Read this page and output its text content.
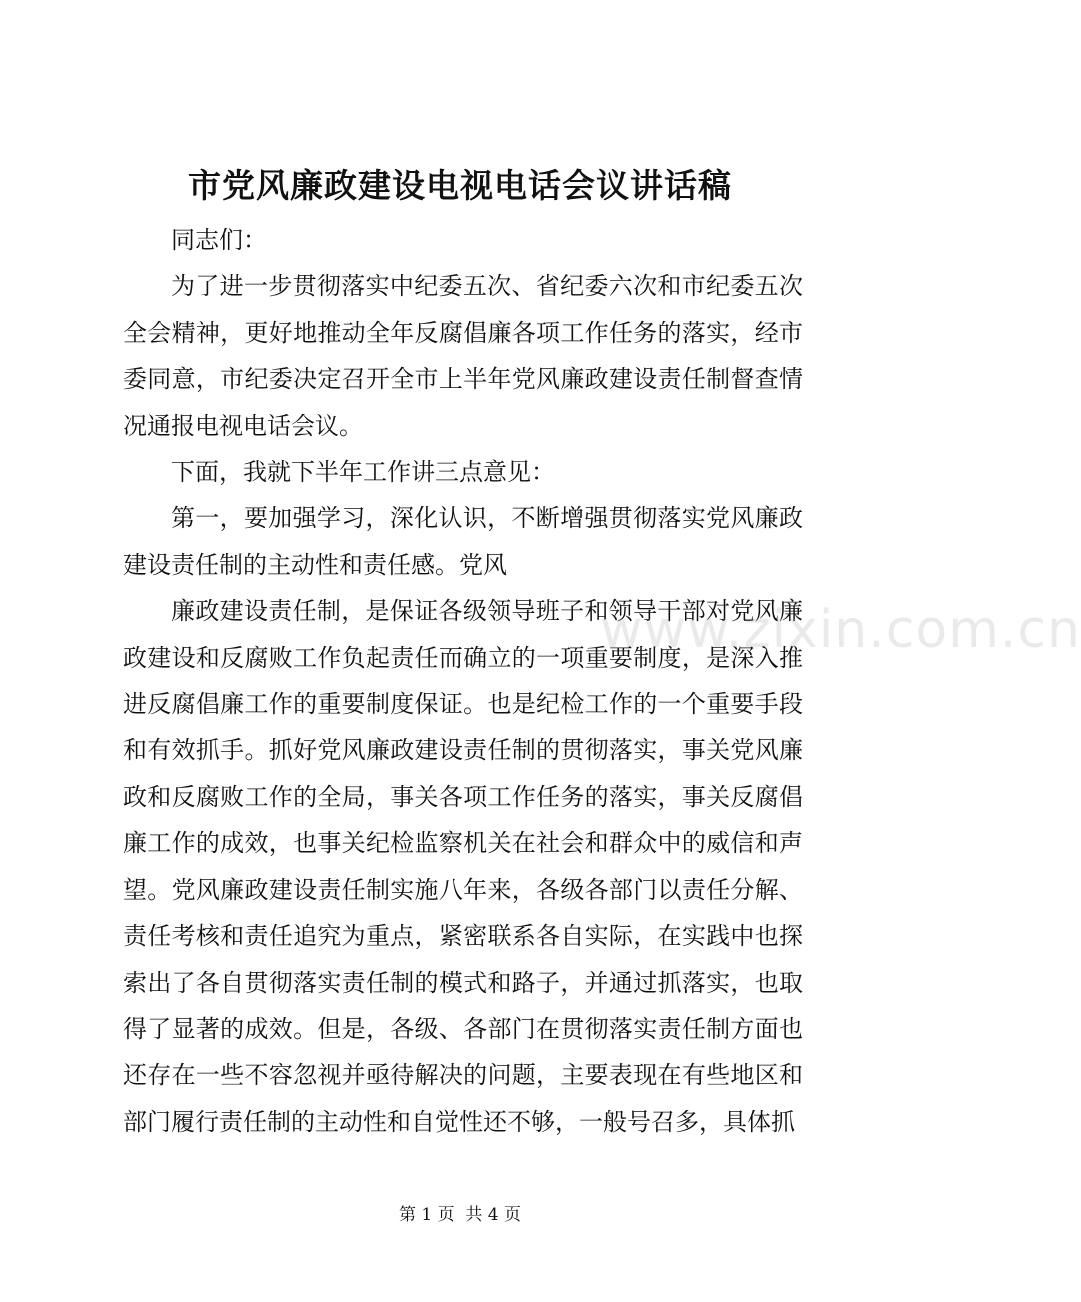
市党风廉政建设电视电话会议讲话稿

同志们：

为了进一步贯彻落实中纪委五次、省纪委六次和市纪委五次全会精神，更好地推动全年反腐倡廉各项工作任务的落实，经市委同意，市纪委决定召开全市上半年党风廉政建设责任制督查情况通报电视电话会议。

下面，我就下半年工作讲三点意见：

第一，要加强学习，深化认识，不断增强贯彻落实党风廉政建设责任制的主动性和责任感。党风

廉政建设责任制，是保证各级领导班子和领导干部对党风廉政建设和反腐败工作负起责任而确立的一项重要制度，是深入推进反腐倡廉工作的重要制度保证。也是纪检工作的一个重要手段和有效抓手。抓好党风廉政建设责任制的贯彻落实，事关党风廉政和反腐败工作的全局，事关各项工作任务的落实，事关反腐倡廉工作的成效，也事关纪检监察机关在社会和群众中的威信和声望。党风廉政建设责任制实施八年来，各级各部门以责任分解、责任考核和责任追究为重点，紧密联系各自实际，在实践中也探索出了各自贯彻落实责任制的模式和路子，并通过抓落实，也取得了显著的成效。但是，各级、各部门在贯彻落实责任制方面也还存在一些不容忽视并亟待解决的问题，主要表现在有些地区和部门履行责任制的主动性和自觉性还不够，一般号召多，具体抓

www.zixin.com.cn
第 1 页  共 4 页
